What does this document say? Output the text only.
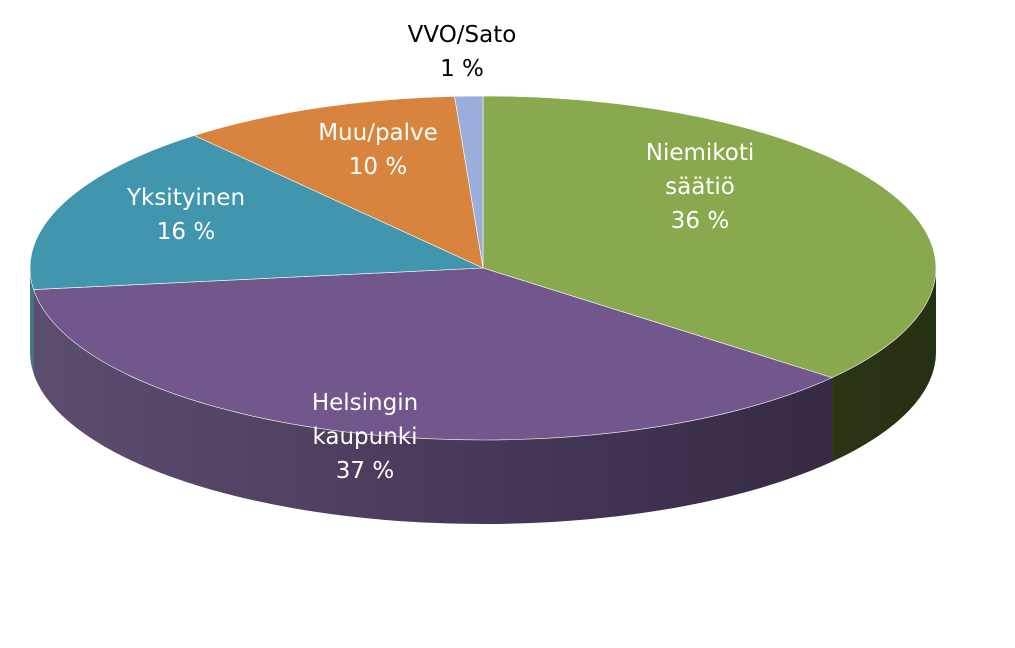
Niemikoti säätiö 36 %
Helsingin kaupunki 37 %
Yksityinen 16 %
Muu/palve 10 %
VVO/Sato 1 %
